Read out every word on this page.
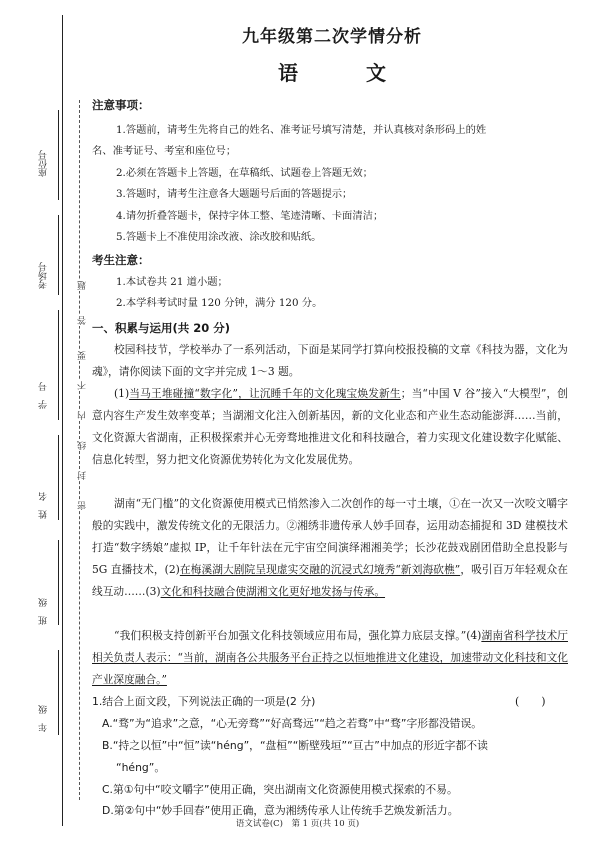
座位号
考场号
学　号
姓　名
班　级
年　级
题
答
要
不
内
线
封
密
九年级第二次学情分析
语　文
注意事项：
1.答题前，请考生先将自己的姓名、准考证号填写清楚，并认真核对条形码上的姓
名、准考证号、考室和座位号；
2.必须在答题卡上答题，在草稿纸、试题卷上答题无效；
3.答题时，请考生注意各大题题号后面的答题提示；
4.请勿折叠答题卡，保持字体工整、笔迹清晰、卡面清洁；
5.答题卡上不准使用涂改液、涂改胶和贴纸。
考生注意：
1.本试卷共 21 道小题；
2.本学科考试时量 120 分钟，满分 120 分。
一、积累与运用(共 20 分)
校园科技节，学校举办了一系列活动，下面是某同学打算向校报投稿的文章《科技为器，文化为魂》，请你阅读下面的文字并完成 1～3 题。
(1)当马王堆碰撞“数字化”，让沉睡千年的文化瑰宝焕发新生；当“中国 V 谷”接入“大模型”，创意内容生产发生效率变革；当湖湘文化注入创新基因，新的文化业态和产业生态动能澎湃……当前，文化资源大省湖南，正积极探索并心无旁骛地推进文化和科技融合，着力实现文化建设数字化赋能、信息化转型，努力把文化资源优势转化为文化发展优势。
湖南“无门槛”的文化资源使用模式已悄然渗入二次创作的每一寸土壤，①在一次又一次咬文嚼字般的实践中，激发传统文化的无限活力。②湘绣非遗传承人妙手回春，运用动态捕捉和 3D 建模技术打造“数字绣娘”虚拟 IP，让千年针法在元宇宙空间演绎湘湘美学；长沙花鼓戏剧团借助全息投影与 5G 直播技术，(2)在梅溪湖大剧院呈现虚实交融的沉浸式幻境秀“新刘海砍樵”，吸引百万年轻观众在线互动……(3)文化和科技融合使湖湘文化更好地发扬与传承。
“我们积极支持创新平台加强文化科技领域应用布局，强化算力底层支撑。”(4)湖南省科学技术厅相关负责人表示：“当前，湖南各公共服务平台正持之以恒地推进文化建设，加速带动文化科技和文化产业深度融合。”
1.结合上面文段，下列说法正确的一项是(2 分)	(　　)
A.“骛”为“追求”之意，“心无旁骛”“好高骛远”“趋之若骛”中“骛”字形都没错误。
B.“持之以恒”中“恒”读“héng”，“盘桓”“断壁残垣”“亘古”中加点的形近字都不读
“héng”。
C.第①句中“咬文嚼字”使用正确，突出湖南文化资源使用模式探索的不易。
D.第②句中“妙手回春”使用正确，意为湘绣传承人让传统手艺焕发新活力。
语文试卷(C)　第 1 页(共 10 页)
